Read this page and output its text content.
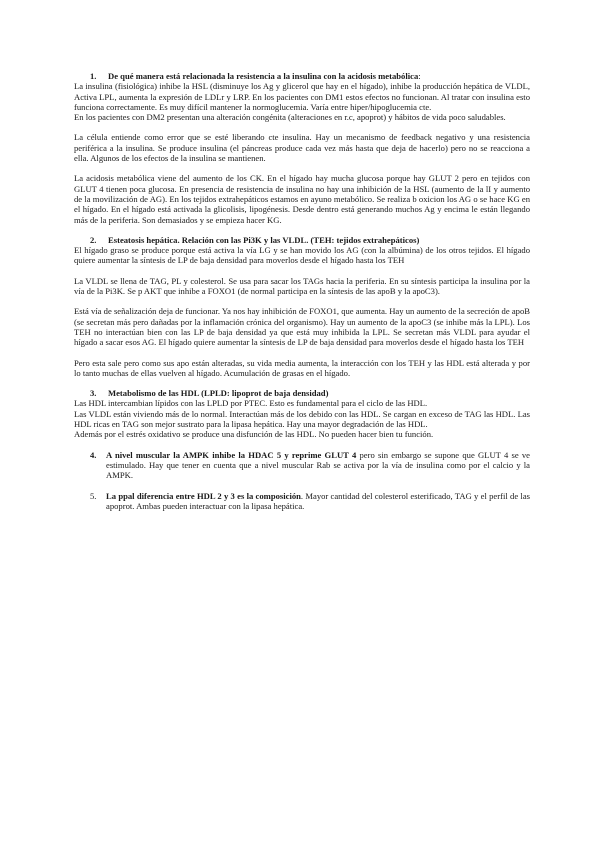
1. De qué manera está relacionada la resistencia a la insulina con la acidosis metabólica:

La insulina (fisiológica) inhibe la HSL (disminuye los Ag y glicerol que hay en el hígado), inhibe la producción hepática de VLDL, Activa LPL, aumenta la expresión de LDLr y LRP. En los pacientes con DM1 estos efectos no funcionan. Al tratar con insulina esto funciona correctamente. Es muy difícil mantener la normoglucemia. Varía entre hiper/hipoglucemia cte.

En los pacientes con DM2 presentan una alteración congénita (alteraciones en r.c, apoprot) y hábitos de vida poco saludables.

La célula entiende como error que se esté liberando cte insulina. Hay un mecanismo de feedback negativo y una resistencia periférica a la insulina. Se produce insulina (el páncreas produce cada vez más hasta que deja de hacerlo) pero no se reacciona a ella. Algunos de los efectos de la insulina se mantienen.

La acidosis metabólica viene del aumento de los CK. En el hígado hay mucha glucosa porque hay GLUT 2 pero en tejidos con GLUT 4 tienen poca glucosa. En presencia de resistencia de insulina no hay una inhibición de la HSL (aumento de la lI y aumento de la movilización de AG). En los tejidos extrahepáticos estamos en ayuno metabólico. Se realiza b oxicion los AG o se hace KG en el hígado. En el hígado está activada la glicolisis, lipogénesis. Desde dentro está generando muchos Ag y encima le están llegando más de la periferia. Son demasiados y se empieza hacer KG.

2. Esteatosis hepática. Relación con las Pi3K y las VLDL. (TEH: tejidos extrahepáticos)

El hígado graso se produce porque está activa la vía LG y se han movido los AG (con la albúmina) de los otros tejidos. El hígado quiere aumentar la síntesis de LP de baja densidad para moverlos desde el hígado hasta los TEH

La VLDL se llena de TAG, PL y colesterol. Se usa para sacar los TAGs hacia la periferia. En su síntesis participa la insulina por la vía de la Pi3K. Se p AKT que inhibe a FOXO1 (de normal participa en la síntesis de las apoB y la apoC3).

Está vía de señalización deja de funcionar. Ya nos hay inhibición de FOXO1, que aumenta. Hay un aumento de la secreción de apoB (se secretan más pero dañadas por la inflamación crónica del organismo). Hay un aumento de la apoC3 (se inhibe más la LPL). Los TEH no interactúan bien con las LP de baja densidad ya que está muy inhibida la LPL. Se secretan más VLDL para ayudar el hígado a sacar esos AG. El hígado quiere aumentar la síntesis de LP de baja densidad para moverlos desde el hígado hasta los TEH

Pero esta sale pero como sus apo están alteradas, su vida media aumenta, la interacción con los TEH y las HDL está alterada y por lo tanto muchas de ellas vuelven al hígado. Acumulación de grasas en el hígado.

3. Metabolismo de las HDL (LPLD: lipoprot de baja densidad)

Las HDL intercambian lípidos con las LPLD por PTEC. Esto es fundamental para el ciclo de las HDL.

Las VLDL están viviendo más de lo normal. Interactúan más de los debido con las HDL. Se cargan en exceso de TAG las HDL. Las HDL ricas en TAG son mejor sustrato para la lipasa hepática. Hay una mayor degradación de las HDL.

Además por el estrés oxidativo se produce una disfunción de las HDL. No pueden hacer bien tu función.

4. A nivel muscular la AMPK inhibe la HDAC 5 y reprime GLUT 4 pero sin embargo se supone que GLUT 4 se ve estimulado. Hay que tener en cuenta que a nivel muscular Rab se activa por la vía de insulina como por el calcio y la AMPK.

5. La ppal diferencia entre HDL 2 y 3 es la composición. Mayor cantidad del colesterol esterificado, TAG y el perfil de las apoprot. Ambas pueden interactuar con la lipasa hepática.
